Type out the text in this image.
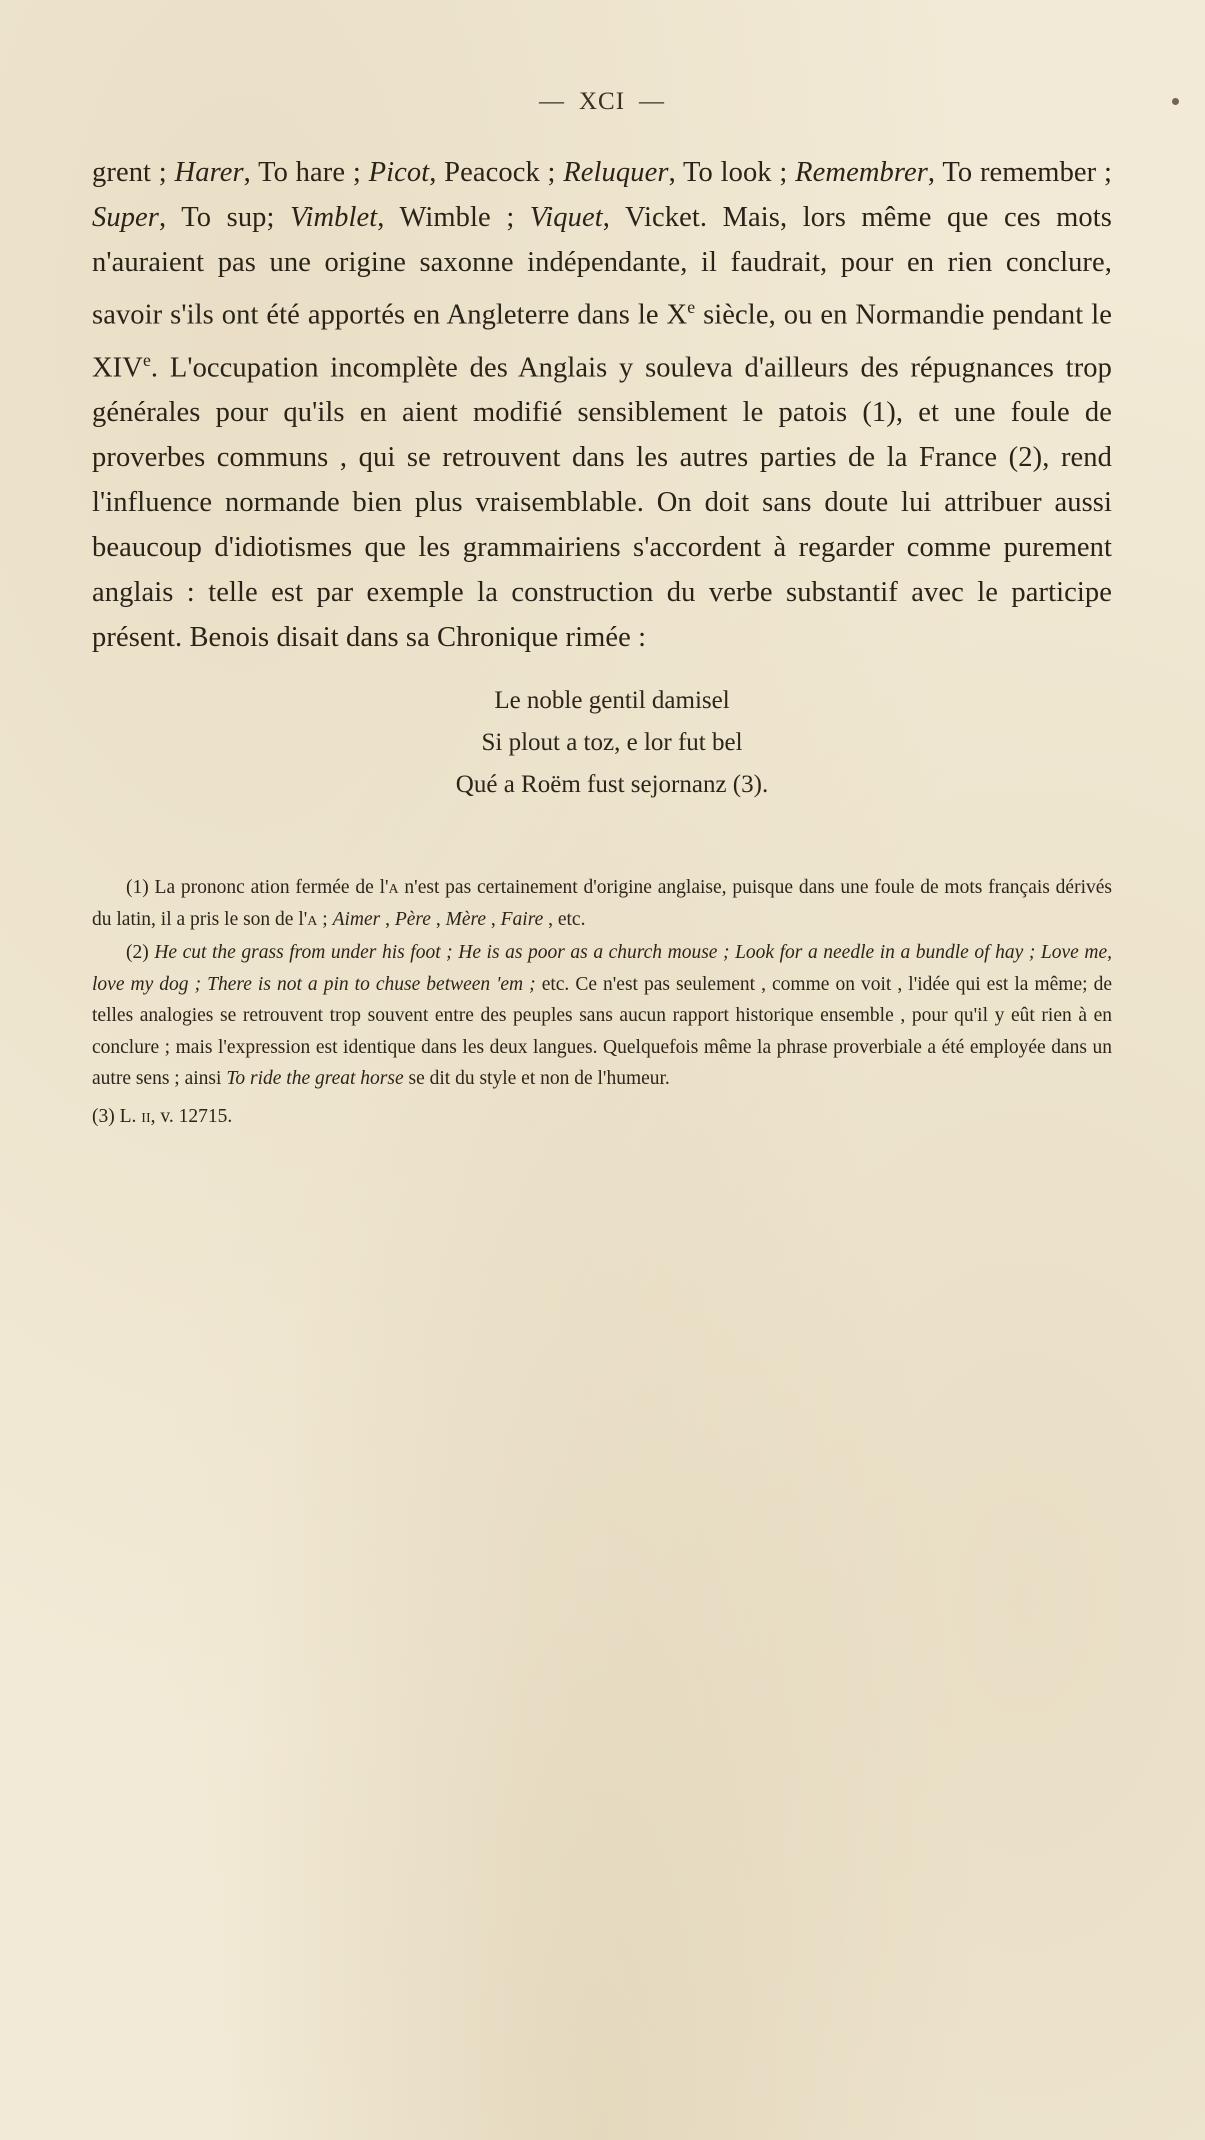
— XCI —
grent ; Harer, To hare ; Picot, Peacock ; Reluquer, To look ; Remembrer, To remember ; Super, To sup; Vimblet, Wimble ; Viquet, Vicket. Mais, lors même que ces mots n'auraient pas une origine saxonne indépendante, il faudrait, pour en rien conclure, savoir s'ils ont été apportés en Angleterre dans le Xe siècle, ou en Normandie pendant le XIVe. L'occupation incomplète des Anglais y souleva d'ailleurs des répugnances trop générales pour qu'ils en aient modifié sensiblement le patois (1), et une foule de proverbes communs , qui se retrouvent dans les autres parties de la France (2), rend l'influence normande bien plus vraisemblable. On doit sans doute lui attribuer aussi beaucoup d'idiotismes que les grammairiens s'accordent à regarder comme purement anglais : telle est par exemple la construction du verbe substantif avec le participe présent. Benois disait dans sa Chronique rimée :
Le noble gentil damisel
Si plout a toz, e lor fut bel
Qué a Roëm fust sejornanz (3).
(1) La prononc ation fermée de l'a n'est pas certainement d'origine anglaise, puisque dans une foule de mots français dérivés du latin, il a pris le son de l'a ; Aimer , Père , Mère , Faire , etc.
(2) He cut the grass from under his foot ; He is as poor as a church mouse ; Look for a needle in a bundle of hay ; Love me, love my dog ; There is not a pin to chuse between 'em ; etc. Ce n'est pas seulement , comme on voit , l'idée qui est la même; de telles analogies se retrouvent trop souvent entre des peuples sans aucun rapport historique ensemble , pour qu'il y eût rien à en conclure ; mais l'expression est identique dans les deux langues. Quelquefois même la phrase proverbiale a été employée dans un autre sens ; ainsi To ride the great horse se dit du style et non de l'humeur.
(3) L. ii, v. 12715.
